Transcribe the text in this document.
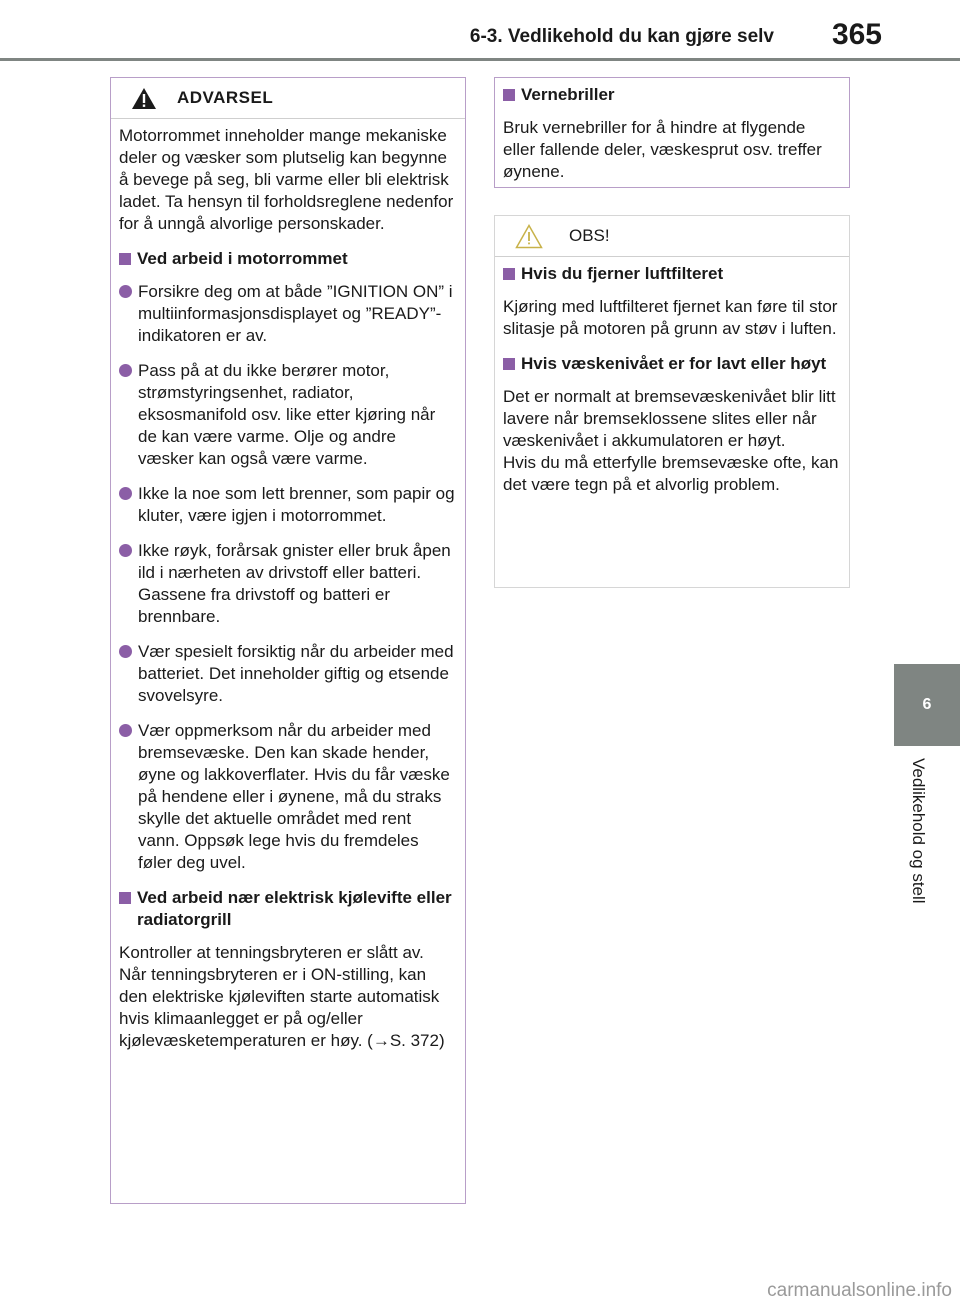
6-3. Vedlikehold du kan gjøre selv 365
6
Vedlikehold og stell
ADVARSEL

Motorrommet inneholder mange mekaniske deler og væsker som plutselig kan begynne å bevege på seg, bli varme eller bli elektrisk ladet. Ta hensyn til forholdsreglene nedenfor for å unngå alvorlige personskader.

Ved arbeid i motorrommet
Forsikre deg om at både ”IGNITION ON” i multiinformasjonsdisplayet og ”READY”-indikatoren er av.
Pass på at du ikke berører motor, strømstyringsenhet, radiator, eksosmanifold osv. like etter kjøring når de kan være varme. Olje og andre væsker kan også være varme.
Ikke la noe som lett brenner, som papir og kluter, være igjen i motorrommet.
Ikke røyk, forårsak gnister eller bruk åpen ild i nærheten av drivstoff eller batteri. Gassene fra drivstoff og batteri er brennbare.
Vær spesielt forsiktig når du arbeider med batteriet. Det inneholder giftig og etsende svovelsyre.
Vær oppmerksom når du arbeider med bremsevæske. Den kan skade hender, øyne og lakkoverflater. Hvis du får væske på hendene eller i øynene, må du straks skylle det aktuelle området med rent vann. Oppsøk lege hvis du fremdeles føler deg uvel.
Ved arbeid nær elektrisk kjølevifte eller radiatorgrill

Kontroller at tenningsbryteren er slått av.
Når tenningsbryteren er i ON-stilling, kan den elektriske kjøleviften starte automatisk hvis klimaanlegget er på og/eller kjølevæsketemperaturen er høy. (→S. 372)

Vernebriller

Bruk vernebriller for å hindre at flygende eller fallende deler, væskesprut osv. treffer øynene.

OBS!
Hvis du fjerner luftfilteret

Kjøring med luftfilteret fjernet kan føre til stor slitasje på motoren på grunn av støv i luften.

Hvis væskenivået er for lavt eller høyt

Det er normalt at bremsevæskenivået blir litt lavere når bremseklossene slites eller når væskenivået i akkumulatoren er høyt.
Hvis du må etterfylle bremsevæske ofte, kan det være tegn på et alvorlig problem.

carmanualsonline.info
